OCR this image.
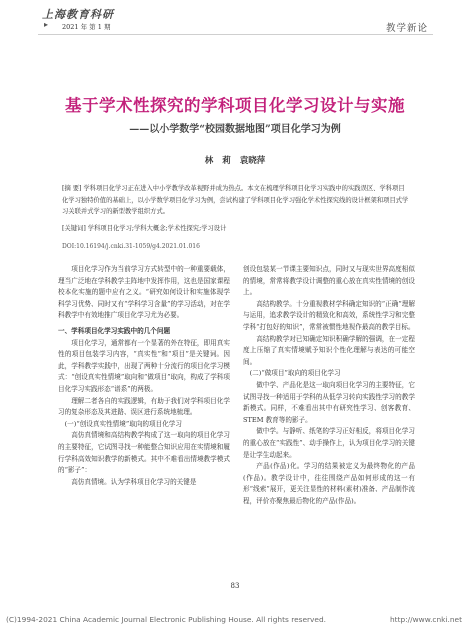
上海教育科研
▸ 2021 年 第 1 期	教学新论
基于学术性探究的学科项目化学习设计与实施
——以小学数学“校园数据地图”项目化学习为例
林 莉 袁晓萍
[摘 要] 学科项目化学习正在进入中小学教学改革视野并成为热点。本文在梳理学科项目化学习实践中的实践误区、学科项目化学习独特价值的基础上，以小学数学项目化学习为例，尝试构建了学科项目化学习强化学术性探究线的设计框架和项目式学习关联并式学习的新型教学组织方式。
[关键词] 学科项目化学习;学科大概念;学术性探究;学习设计
DOI:10.16194/j.cnki.31-1059/g4.2021.01.016

项目化学习作为当前学习方式转型中的一种重要载体，理当广泛地在学科教学主阵地中发挥作用，这也是国家课程校本化实施的题中应有之义。“研究如何设计和实施体现学科学习优势、同时又有“学科学习含量”的学习活动，对在学科教学中有效地推广项目化学习尤为必要。

一、学科项目化学习实践中的几个问题

项目化学习，通常都有一个显著的外在特征，即用真实性的项目包装学习内容，“真实性”和“项目”是关键词。因此，学科教学实践中，出现了两种十分流行的项目化学习模式：“创设真实性情境”取向和“做项目”取向，构成了学科项目化学习实践形态“谱系”的两极。

理解二者各自的实践逻辑，有助于我们对学科项目化学习的复杂形态及其进路、误区进行系统地梳理。

(一)“创设真实性情境”取向的项目化学习

高仿真情境和高结构教学构成了这一取向的项目化学习的主要特征，它试图寻找一种能整合知识应用在实情境和履行学科高效知识教学的新模式。其中不难看出情境教学模式的“影子”：

高仿真情境。认为学科项目化学习的关键是

创设包装某一节课主要知识点，同时又与现实世界高度相似的情境，常常将教学设计调整的重心放在真实性情境的创设上。

高结构教学。十分重视教材学科确定知识的“正确”理解与运用，追求教学设计的精致化和高效，系统性学习和完整学科“打包好的知识”，常常被惯性地视作最高的教学目标。

高结构教学对已知确定知识积确学解的强调，在一定程度上压缩了真实情境赋予知识个性化理解与表达的可能空间。

(二)“做项目”取向的项目化学习

做中学、产品化是这一取向项目化学习的主要特征，它试图寻找一种适用于学科的从低学习转向实践性学习的教学新模式。同样，不难看出其中有研究性学习、创客教育、STEM 教育等的影子。

做中学。与静听、纸笔的学习正好相反，将项目化学习的重心放在“实践性”、动手操作上，认为项目化学习的关键是让学生动起来。

产品(作品)化。学习的结果被定义为最终物化的产品(作品)。教学设计中，往往围绕产品如何形成的这一有形“线索”展开，更关注显性的材料(素材)准备、产品制作流程，评价亦聚焦最后物化的产品(作品)。

83
(C)1994-2021 China Academic Journal Electronic Publishing House. All rights reserved.	http://www.cnki.net
